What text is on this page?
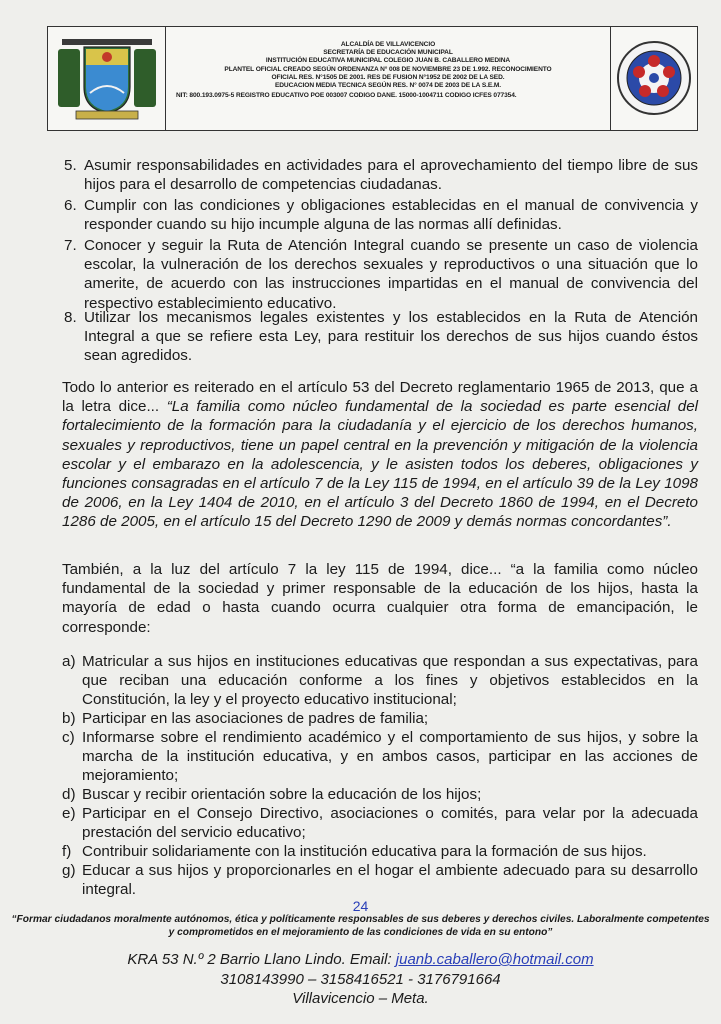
ALCALDÍA DE VILLAVICENCIO
SECRETARÍA DE EDUCACIÓN MUNICIPAL
INSTITUCIÓN EDUCATIVA MUNICIPAL COLEGIO JUAN B. CABALLERO MEDINA
PLANTEL OFICIAL CREADO SEGÚN ORDENANZA N° 008 DE NOVIEMBRE 23 DE 1.992. RECONOCIMIENTO
OFICIAL RES. N°1505 DE 2001. RES DE FUSION N°1952 DE 2002 DE LA SED.
EDUCACION MEDIA TECNICA SEGÚN RES. N° 0074 DE 2003 DE LA S.E.M.
NIT: 800.193.0975-5 REGISTRO EDUCATIVO POE 003007 CODIGO DANE. 15000-1004711 CODIGO ICFES 077354.
5. Asumir responsabilidades en actividades para el aprovechamiento del tiempo libre de sus hijos para el desarrollo de competencias ciudadanas.
6. Cumplir con las condiciones y obligaciones establecidas en el manual de convivencia y responder cuando su hijo incumple alguna de las normas allí definidas.
7. Conocer y seguir la Ruta de Atención Integral cuando se presente un caso de violencia escolar, la vulneración de los derechos sexuales y reproductivos o una situación que lo amerite, de acuerdo con las instrucciones impartidas en el manual de convivencia del respectivo establecimiento educativo.
8. Utilizar los mecanismos legales existentes y los establecidos en la Ruta de Atención Integral a que se refiere esta Ley, para restituir los derechos de sus hijos cuando éstos sean agredidos.
Todo lo anterior es reiterado en el artículo 53 del Decreto reglamentario 1965 de 2013, que a la letra dice... “La familia como núcleo fundamental de la sociedad es parte esencial del fortalecimiento de la formación para la ciudadanía y el ejercicio de los derechos humanos, sexuales y reproductivos, tiene un papel central en la prevención y mitigación de la violencia escolar y el embarazo en la adolescencia, y le asisten todos los deberes, obligaciones y funciones consagradas en el artículo 7 de la Ley 115 de 1994, en el artículo 39 de la Ley 1098 de 2006, en la Ley 1404 de 2010, en el artículo 3 del Decreto 1860 de 1994, en el Decreto 1286 de 2005, en el artículo 15 del Decreto 1290 de 2009 y demás normas concordantes”.
También, a la luz del artículo 7 la ley 115 de 1994, dice... “a la familia como núcleo fundamental de la sociedad y primer responsable de la educación de los hijos, hasta la mayoría de edad o hasta cuando ocurra cualquier otra forma de emancipación, le corresponde:
a) Matricular a sus hijos en instituciones educativas que respondan a sus expectativas, para que reciban una educación conforme a los fines y objetivos establecidos en la Constitución, la ley y el proyecto educativo institucional;
b) Participar en las asociaciones de padres de familia;
c) Informarse sobre el rendimiento académico y el comportamiento de sus hijos, y sobre la marcha de la institución educativa, y en ambos casos, participar en las acciones de mejoramiento;
d) Buscar y recibir orientación sobre la educación de los hijos;
e) Participar en el Consejo Directivo, asociaciones o comités, para velar por la adecuada prestación del servicio educativo;
f) Contribuir solidariamente con la institución educativa para la formación de sus hijos.
g) Educar a sus hijos y proporcionarles en el hogar el ambiente adecuado para su desarrollo integral.
24
“Formar ciudadanos moralmente autónomos, ética y políticamente responsables de sus deberes y derechos civiles. Laboralmente competentes y comprometidos en el mejoramiento de las condiciones de vida en su entono”
KRA 53 N.º 2 Barrio Llano Lindo. Email: juanb.caballero@hotmail.com
3108143990 – 3158416521 - 3176791664
Villavicencio – Meta.
